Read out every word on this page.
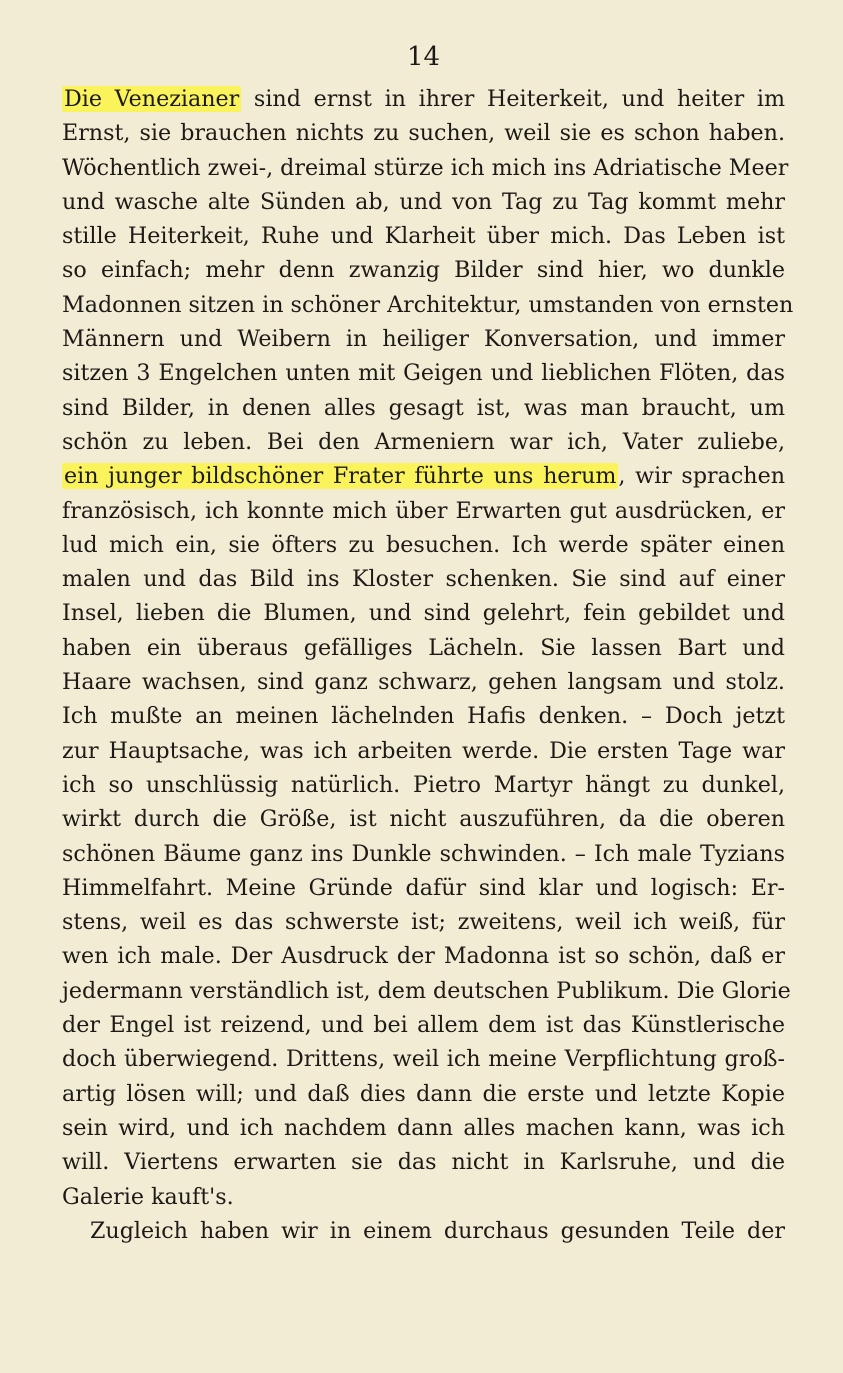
14
Die Venezianer sind ernst in ihrer Heiterkeit, und heiter im
Ernst, sie brauchen nichts zu suchen, weil sie es schon haben.
Wöchentlich zwei-, dreimal stürze ich mich ins Adriatische Meer
und wasche alte Sünden ab, und von Tag zu Tag kommt mehr
stille Heiterkeit, Ruhe und Klarheit über mich. Das Leben ist
so einfach; mehr denn zwanzig Bilder sind hier, wo dunkle
Madonnen sitzen in schöner Architektur, umstanden von ernsten
Männern und Weibern in heiliger Konversation, und immer
sitzen 3 Engelchen unten mit Geigen und lieblichen Flöten, das
sind Bilder, in denen alles gesagt ist, was man braucht, um
schön zu leben. Bei den Armeniern war ich, Vater zuliebe,
ein junger bildschöner Frater führte uns herum, wir sprachen
französisch, ich konnte mich über Erwarten gut ausdrücken, er
lud mich ein, sie öfters zu besuchen. Ich werde später einen
malen und das Bild ins Kloster schenken. Sie sind auf einer
Insel, lieben die Blumen, und sind gelehrt, fein gebildet und
haben ein überaus gefälliges Lächeln. Sie lassen Bart und
Haare wachsen, sind ganz schwarz, gehen langsam und stolz.
Ich mußte an meinen lächelnden Hafis denken. – Doch jetzt
zur Hauptsache, was ich arbeiten werde. Die ersten Tage war
ich so unschlüssig natürlich. Pietro Martyr hängt zu dunkel,
wirkt durch die Größe, ist nicht auszuführen, da die oberen
schönen Bäume ganz ins Dunkle schwinden. – Ich male Tyzians
Himmelfahrt. Meine Gründe dafür sind klar und logisch: Er-
stens, weil es das schwerste ist; zweitens, weil ich weiß, für
wen ich male. Der Ausdruck der Madonna ist so schön, daß er
jedermann verständlich ist, dem deutschen Publikum. Die Glorie
der Engel ist reizend, und bei allem dem ist das Künstlerische
doch überwiegend. Drittens, weil ich meine Verpflichtung groß-
artig lösen will; und daß dies dann die erste und letzte Kopie
sein wird, und ich nachdem dann alles machen kann, was ich
will. Viertens erwarten sie das nicht in Karlsruhe, und die
Galerie kauft's.
Zugleich haben wir in einem durchaus gesunden Teile der
